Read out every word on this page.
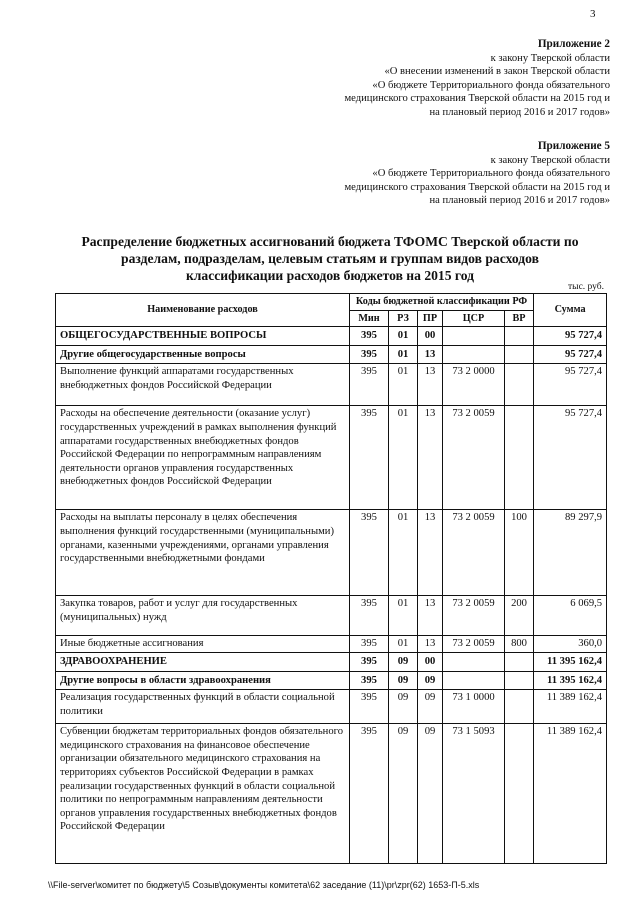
3
Приложение 2
к закону Тверской области
«О внесении изменений в закон Тверской области
«О бюджете Территориального фонда обязательного
медицинского страхования Тверской области на 2015 год и
на плановый период 2016 и 2017 годов»
Приложение 5
к закону Тверской области
«О бюджете Территориального фонда обязательного
медицинского страхования Тверской области на 2015 год и
на плановый период 2016 и 2017 годов»
Распределение бюджетных ассигнований бюджета ТФОМС Тверской области по
разделам, подразделам, целевым статьям и группам видов расходов
классификации расходов бюджетов на 2015 год
тыс. руб.
Наименование расходов	Коды бюджетной классификации РФ					Сумма
	Мин	РЗ	ПР	ЦСР	ВР	
ОБЩЕГОСУДАРСТВЕННЫЕ ВОПРОСЫ	395	01	00			95 727,4
Другие общегосударственные вопросы	395	01	13			95 727,4
Выполнение функций аппаратами государственных внебюджетных фондов Российской Федерации	395	01	13	73 2 0000		95 727,4
Расходы на обеспечение деятельности (оказание услуг) государственных учреждений в рамках выполнения функций аппаратами государственных внебюджетных фондов Российской Федерации по непрограммным направлениям деятельности органов управления государственных внебюджетных фондов Российской Федерации	395	01	13	73 2 0059		95 727,4
Расходы на выплаты персоналу в целях обеспечения выполнения функций государственными (муниципальными) органами, казенными учреждениями, органами управления государственными внебюджетными фондами	395	01	13	73 2 0059	100	89 297,9
Закупка товаров, работ и услуг для государственных (муниципальных) нужд	395	01	13	73 2 0059	200	6 069,5
Иные бюджетные ассигнования	395	01	13	73 2 0059	800	360,0
ЗДРАВООХРАНЕНИЕ	395	09	00			11 395 162,4
Другие вопросы в области здравоохранения	395	09	09			11 395 162,4
Реализация государственных функций в области социальной политики	395	09	09	73 1 0000		11 389 162,4
Субвенции бюджетам территориальных фондов обязательного медицинского страхования на финансовое обеспечение организации обязательного медицинского страхования на территориях субъектов Российской Федерации в рамках реализации государственных функций в области социальной политики по непрограммным направлениям деятельности органов управления государственных внебюджетных фондов Российской Федерации	395	09	09	73 1 5093		11 389 162,4
\\File-server\комитет по бюджету\5 Созыв\документы комитета\62 заседание (11)\pr\zpr(62) 1653-П-5.xls
